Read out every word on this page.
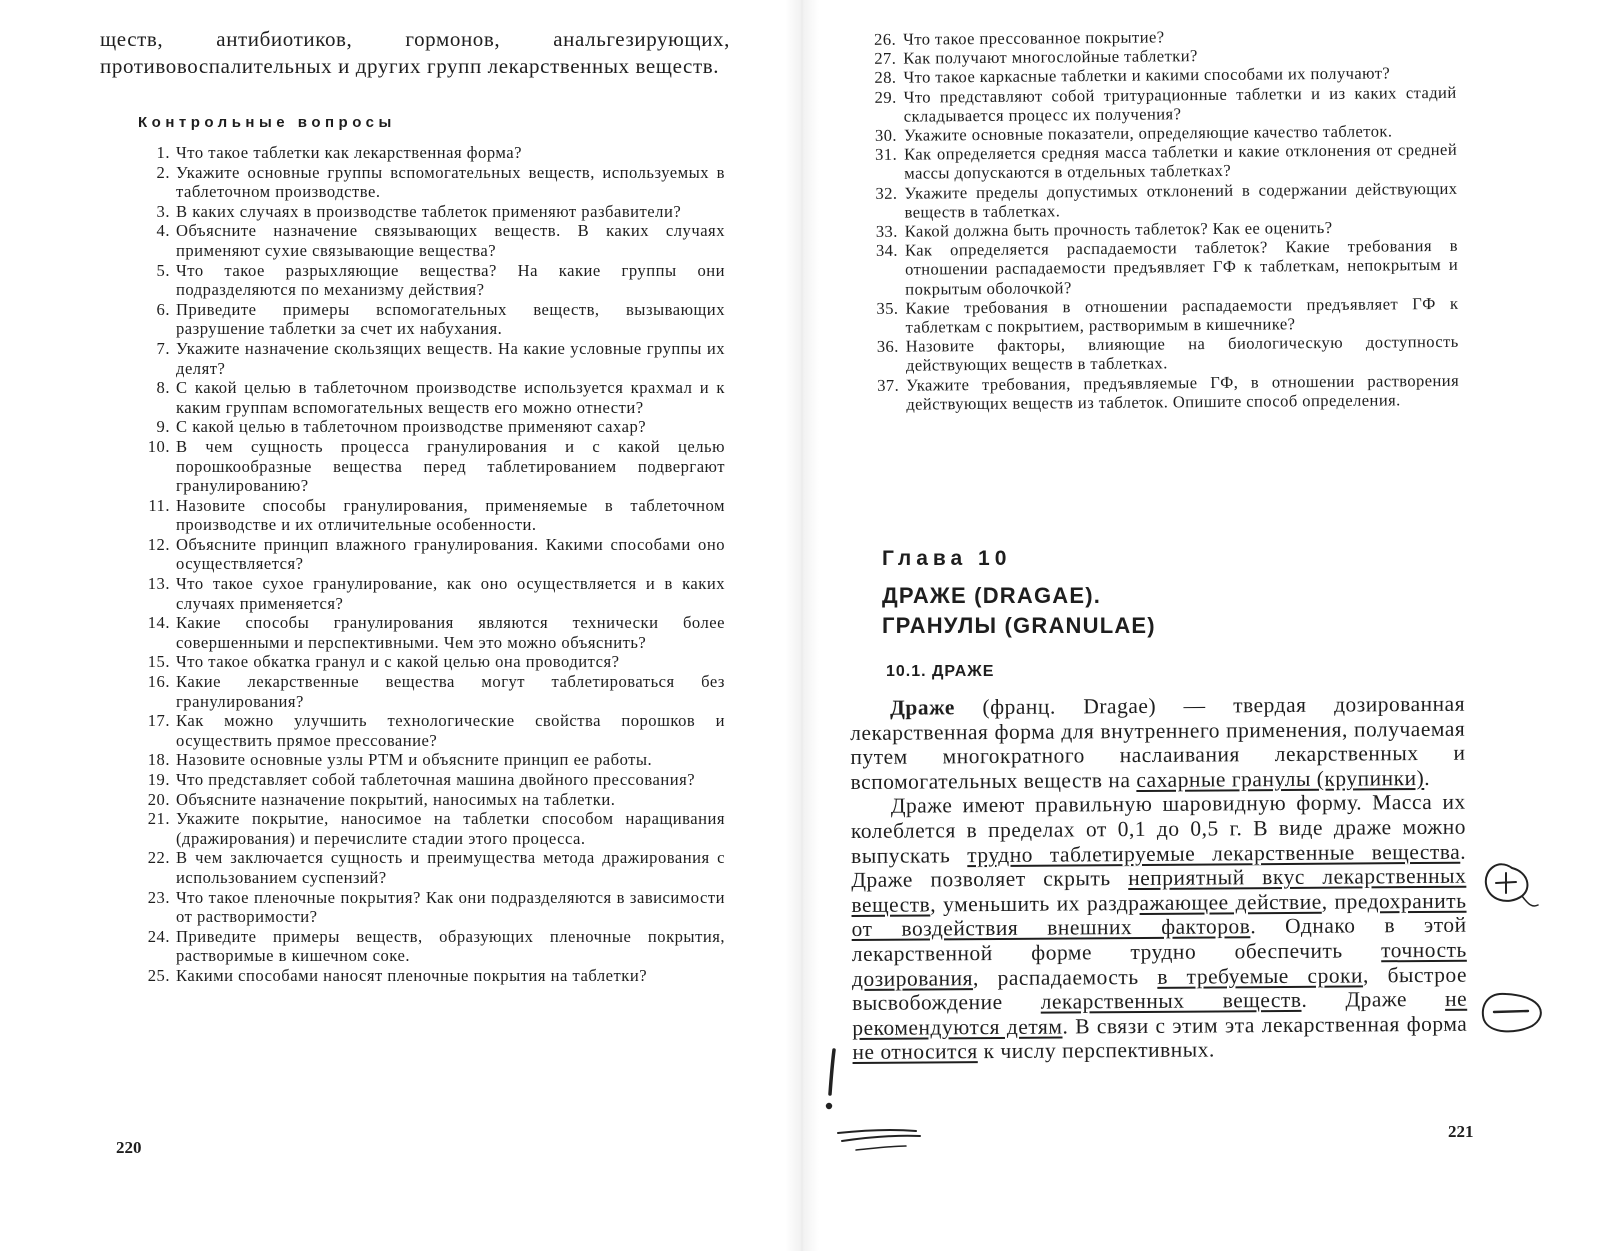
ществ, антибиотиков, гормонов, анальгезирующих, противовоспалительных и других групп лекарственных веществ.

Контрольные вопросы
1. Что такое таблетки как лекарственная форма?
2. Укажите основные группы вспомогательных веществ, используемых в таблеточном производстве.
3. В каких случаях в производстве таблеток применяют разбавители?
4. Объясните назначение связывающих веществ. В каких случаях применяют сухие связывающие вещества?
5. Что такое разрыхляющие вещества? На какие группы они подразделяются по механизму действия?
6. Приведите примеры вспомогательных веществ, вызывающих разрушение таблетки за счет их набухания.
7. Укажите назначение скользящих веществ. На какие условные группы их делят?
8. С какой целью в таблеточном производстве используется крахмал и к каким группам вспомогательных веществ его можно отнести?
9. С какой целью в таблеточном производстве применяют сахар?
10. В чем сущность процесса гранулирования и с какой целью порошкообразные вещества перед таблетированием подвергают гранулированию?
11. Назовите способы гранулирования, применяемые в таблеточном производстве и их отличительные особенности.
12. Объясните принцип влажного гранулирования. Какими способами оно осуществляется?
13. Что такое сухое гранулирование, как оно осуществляется и в каких случаях применяется?
14. Какие способы гранулирования являются технически более совершенными и перспективными. Чем это можно объяснить?
15. Что такое обкатка гранул и с какой целью она проводится?
16. Какие лекарственные вещества могут таблетироваться без гранулирования?
17. Как можно улучшить технологические свойства порошков и осуществить прямое прессование?
18. Назовите основные узлы РТМ и объясните принцип ее работы.
19. Что представляет собой таблеточная машина двойного прессования?
20. Объясните назначение покрытий, наносимых на таблетки.
21. Укажите покрытие, наносимое на таблетки способом наращивания (дражирования) и перечислите стадии этого процесса.
22. В чем заключается сущность и преимущества метода дражирования с использованием суспензий?
23. Что такое пленочные покрытия? Как они подразделяются в зависимости от растворимости?
24. Приведите примеры веществ, образующих пленочные покрытия, растворимые в кишечном соке.
25. Какими способами наносят пленочные покрытия на таблетки?
220
26. Что такое прессованное покрытие?
27. Как получают многослойные таблетки?
28. Что такое каркасные таблетки и какими способами их получают?
29. Что представляют собой тритурационные таблетки и из каких стадий складывается процесс их получения?
30. Укажите основные показатели, определяющие качество таблеток.
31. Как определяется средняя масса таблетки и какие отклонения от средней массы допускаются в отдельных таблетках?
32. Укажите пределы допустимых отклонений в содержании действующих веществ в таблетках.
33. Какой должна быть прочность таблеток? Как ее оценить?
34. Как определяется распадаемости таблеток? Какие требования в отношении распадаемости предъявляет ГФ к таблеткам, непокрытым и покрытым оболочкой?
35. Какие требования в отношении распадаемости предъявляет ГФ к таблеткам с покрытием, растворимым в кишечнике?
36. Назовите факторы, влияющие на биологическую доступность действующих веществ в таблетках.
37. Укажите требования, предъявляемые ГФ, в отношении растворения действующих веществ из таблеток. Опишите способ определения.
Глава 10
ДРАЖЕ (DRAGAE).
ГРАНУЛЫ (GRANULAE)
10.1. ДРАЖЕ

Драже (франц. Dragae) — твердая дозированная лекарственная форма для внутреннего применения, получаемая путем многократного наслаивания лекарственных и вспомогательных веществ на сахарные гранулы (крупинки).

Драже имеют правильную шаровидную форму. Масса их колеблется в пределах от 0,1 до 0,5 г. В виде драже можно выпускать трудно таблетируемые лекарственные вещества. Драже позволяет скрыть неприятный вкус лекарственных веществ, уменьшить их раздражающее действие, предохранить от воздействия внешних факторов. Однако в этой лекарственной форме трудно обеспечить точность дозирования, распадаемость в требуемые сроки, быстрое высвобождение лекарственных веществ. Драже не рекомендуются детям. В связи с этим эта лекарственная форма не относится к числу перспективных.

221
+
—
